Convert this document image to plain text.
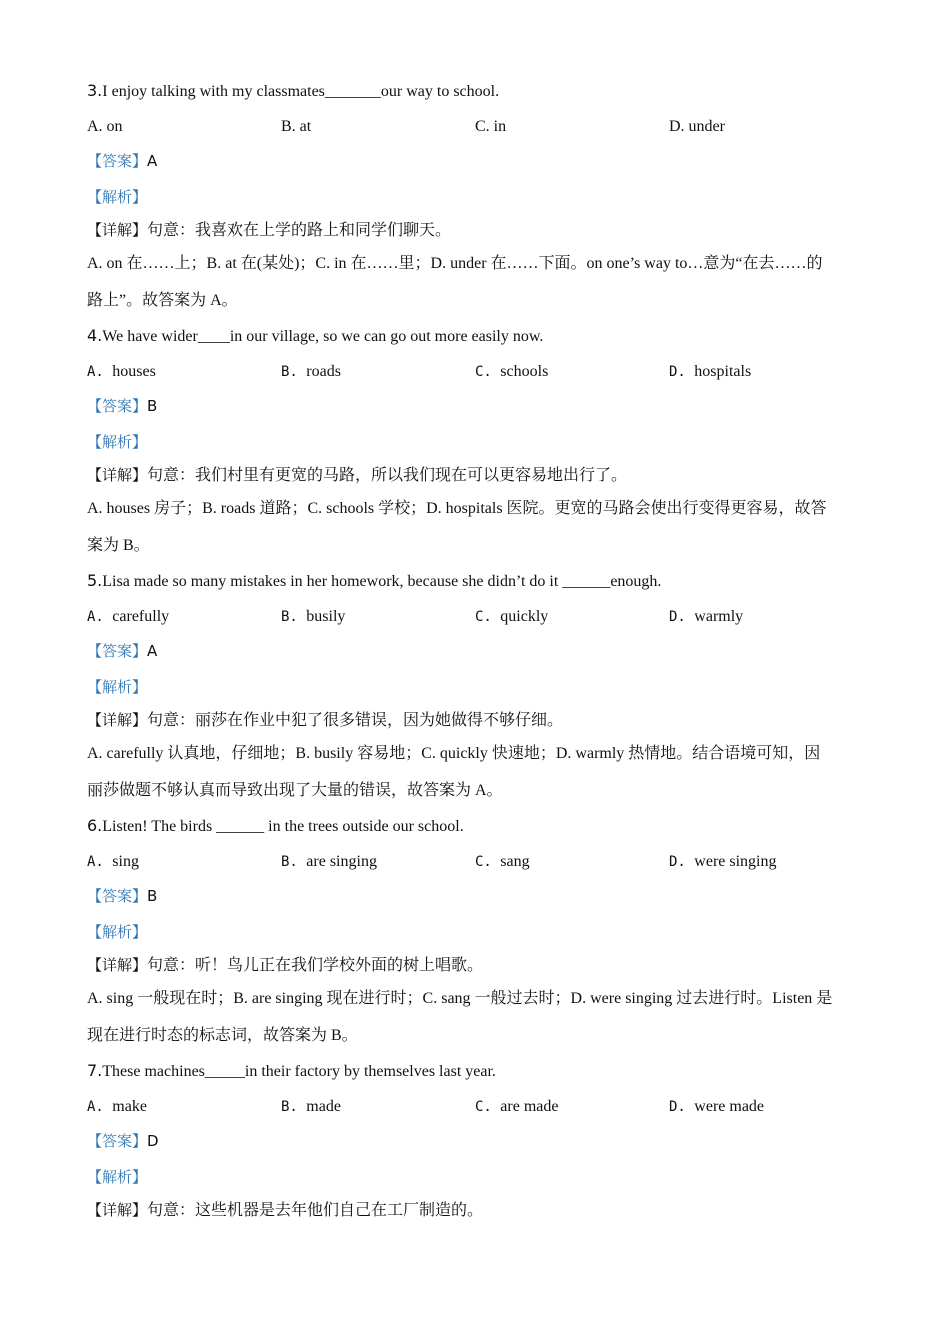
3.I enjoy talking with my classmates_______our way to school.
A. on	B. at	C. in	D. under
【答案】A
【解析】
【详解】句意：我喜欢在上学的路上和同学们聊天。
A. on 在……上；B. at 在(某处)；C. in 在……里；D. under 在……下面。on one’s way to…意为“在去……的
路上”。故答案为 A。
4.We have wider____in our village, so we can go out more easily now.
A. houses	B. roads	C. schools	D. hospitals
【答案】B
【解析】
【详解】句意：我们村里有更宽的马路，所以我们现在可以更容易地出行了。
A. houses 房子；B. roads 道路；C. schools 学校；D. hospitals 医院。更宽的马路会使出行变得更容易，故答
案为 B。
5.Lisa made so many mistakes in her homework, because she didn’t do it ______enough.
A. carefully	B. busily	C. quickly	D. warmly
【答案】A
【解析】
【详解】句意：丽莎在作业中犯了很多错误，因为她做得不够仔细。
A. carefully 认真地，仔细地；B. busily 容易地；C. quickly 快速地；D. warmly 热情地。结合语境可知，因
丽莎做题不够认真而导致出现了大量的错误，故答案为 A。
6.Listen! The birds ______ in the trees outside our school.
A. sing	B. are singing	C. sang	D. were singing
【答案】B
【解析】
【详解】句意：听！鸟儿正在我们学校外面的树上唱歌。
A. sing 一般现在时；B. are singing 现在进行时；C. sang 一般过去时；D. were singing 过去进行时。Listen 是
现在进行时态的标志词，故答案为 B。
7.These machines_____in their factory by themselves last year.
A. make	B. made	C. are made	D. were made
【答案】D
【解析】
【详解】句意：这些机器是去年他们自己在工厂制造的。
